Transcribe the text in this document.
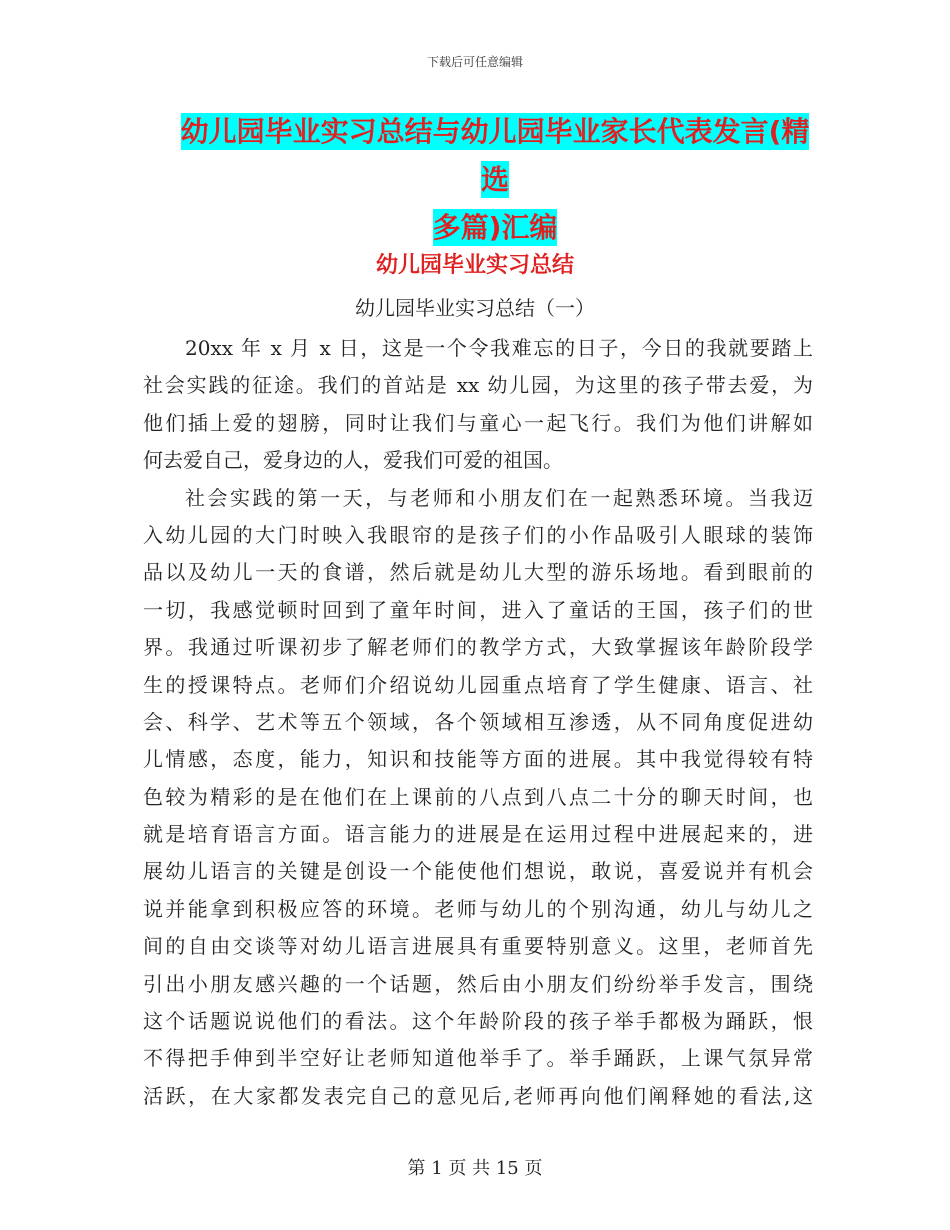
下载后可任意编辑
幼儿园毕业实习总结与幼儿园毕业家长代表发言(精选
多篇)汇编
幼儿园毕业实习总结
幼儿园毕业实习总结（一）
20xx 年 x 月 x 日，这是一个令我难忘的日子，今日的我就要踏上
社会实践的征途。我们的首站是 xx 幼儿园，为这里的孩子带去爱，为
他们插上爱的翅膀，同时让我们与童心一起飞行。我们为他们讲解如
何去爱自己，爱身边的人，爱我们可爱的祖国。
社会实践的第一天，与老师和小朋友们在一起熟悉环境。当我迈
入幼儿园的大门时映入我眼帘的是孩子们的小作品吸引人眼球的装饰
品以及幼儿一天的食谱，然后就是幼儿大型的游乐场地。看到眼前的
一切，我感觉顿时回到了童年时间，进入了童话的王国，孩子们的世
界。我通过听课初步了解老师们的教学方式，大致掌握该年龄阶段学
生的授课特点。老师们介绍说幼儿园重点培育了学生健康、语言、社
会、科学、艺术等五个领域，各个领域相互渗透，从不同角度促进幼
儿情感，态度，能力，知识和技能等方面的进展。其中我觉得较有特
色较为精彩的是在他们在上课前的八点到八点二十分的聊天时间，也
就是培育语言方面。语言能力的进展是在运用过程中进展起来的，进
展幼儿语言的关键是创设一个能使他们想说，敢说，喜爱说并有机会
说并能拿到积极应答的环境。老师与幼儿的个别沟通，幼儿与幼儿之
间的自由交谈等对幼儿语言进展具有重要特别意义。这里，老师首先
引出小朋友感兴趣的一个话题，然后由小朋友们纷纷举手发言，围绕
这个话题说说他们的看法。这个年龄阶段的孩子举手都极为踊跃，恨
不得把手伸到半空好让老师知道他举手了。举手踊跃，上课气氛异常
活跃，在大家都发表完自己的意见后,老师再向他们阐释她的看法,这
第 1 页 共 15 页
